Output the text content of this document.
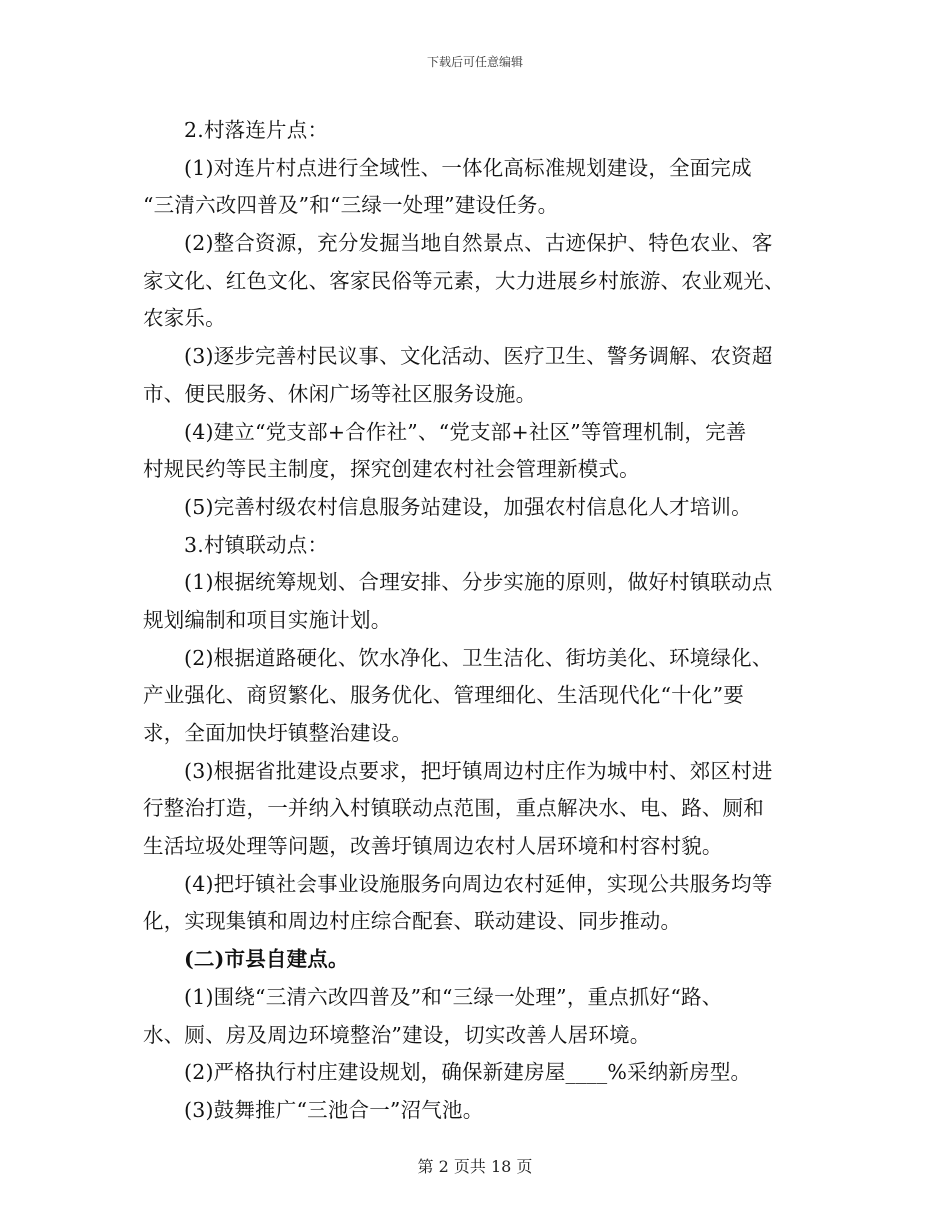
下载后可任意编辑
2.村落连片点：
(1)对连片村点进行全域性、一体化高标准规划建设，全面完成
“三清六改四普及”和“三绿一处理”建设任务。
(2)整合资源，充分发掘当地自然景点、古迹保护、特色农业、客
家文化、红色文化、客家民俗等元素，大力进展乡村旅游、农业观光、
农家乐。
(3)逐步完善村民议事、文化活动、医疗卫生、警务调解、农资超
市、便民服务、休闲广场等社区服务设施。
(4)建立“党支部+合作社”、“党支部+社区”等管理机制，完善
村规民约等民主制度，探究创建农村社会管理新模式。
(5)完善村级农村信息服务站建设，加强农村信息化人才培训。
3.村镇联动点：
(1)根据统筹规划、合理安排、分步实施的原则，做好村镇联动点
规划编制和项目实施计划。
(2)根据道路硬化、饮水净化、卫生洁化、街坊美化、环境绿化、
产业强化、商贸繁化、服务优化、管理细化、生活现代化“十化”要
求，全面加快圩镇整治建设。
(3)根据省批建设点要求，把圩镇周边村庄作为城中村、郊区村进
行整治打造，一并纳入村镇联动点范围，重点解决水、电、路、厕和
生活垃圾处理等问题，改善圩镇周边农村人居环境和村容村貌。
(4)把圩镇社会事业设施服务向周边农村延伸，实现公共服务均等
化，实现集镇和周边村庄综合配套、联动建设、同步推动。
(二)市县自建点。
(1)围绕“三清六改四普及”和“三绿一处理”，重点抓好“路、
水、厕、房及周边环境整治”建设，切实改善人居环境。
(2)严格执行村庄建设规划，确保新建房屋____%采纳新房型。
(3)鼓舞推广“三池合一”沼气池。
第 2 页共 18 页
